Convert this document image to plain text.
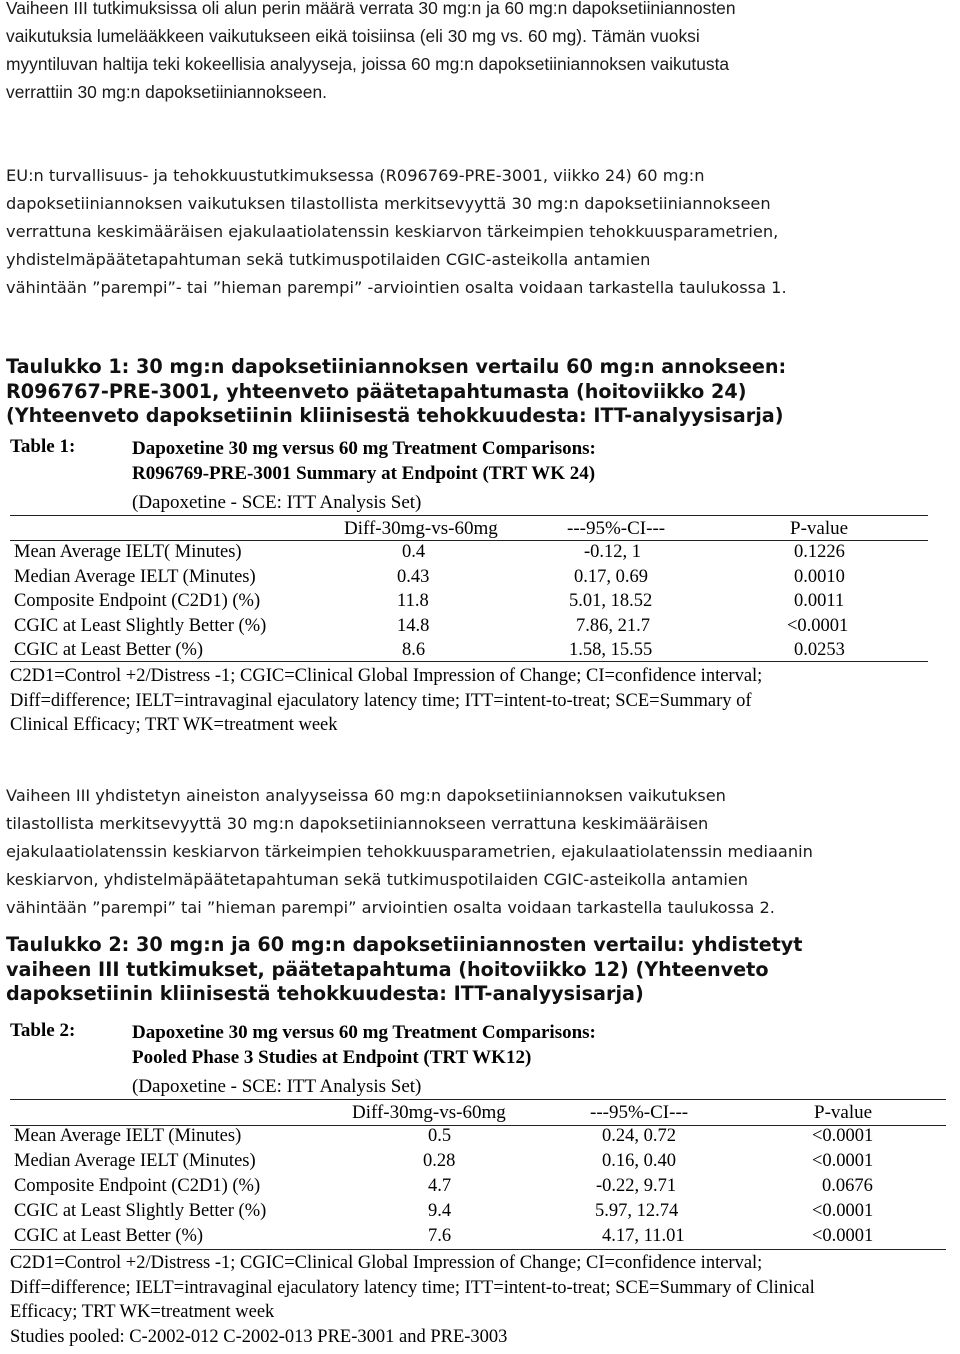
Vaiheen III tutkimuksissa oli alun perin määrä verrata 30 mg:n ja 60 mg:n dapoksetiiniannosten
vaikutuksia lumelääkkeen vaikutukseen eikä toisiinsa (eli 30 mg vs. 60 mg). Tämän vuoksi
myyntiluvan haltija teki kokeellisia analyyseja, joissa 60 mg:n dapoksetiiniannoksen vaikutusta
verrattiin 30 mg:n dapoksetiiniannokseen.
EU:n turvallisuus- ja tehokkuustutkimuksessa (R096769-PRE-3001, viikko 24) 60 mg:n
dapoksetiiniannoksen vaikutuksen tilastollista merkitsevyyttä 30 mg:n dapoksetiiniannokseen
verrattuna keskimääräisen ejakulaatiolatenssin keskiarvon tärkeimpien tehokkuusparametrien,
yhdistelmäpäätetapahtuman sekä tutkimuspotilaiden CGIC-asteikolla antamien
vähintään ”parempi”- tai ”hieman parempi” -arviointien osalta voidaan tarkastella taulukossa 1.
Taulukko 1: 30 mg:n dapoksetiiniannoksen vertailu 60 mg:n annokseen:
R096767-PRE-3001, yhteenveto päätetapahtumasta (hoitoviikko 24)
(Yhteenveto dapoksetiinin kliinisestä tehokkuudesta: ITT-analyysisarja)
Table 1:	Dapoxetine 30 mg versus 60 mg Treatment Comparisons:
R096769-PRE-3001 Summary at Endpoint (TRT WK 24)
(Dapoxetine - SCE: ITT Analysis Set)
Diff-30mg-vs-60mg	---95%-CI---	P-value
Mean Average IELT( Minutes)	0.4	-0.12, 1	0.1226
Median Average IELT (Minutes)	0.43	0.17, 0.69	0.0010
Composite Endpoint (C2D1) (%)	11.8	5.01, 18.52	0.0011
CGIC at Least Slightly Better (%)	14.8	7.86, 21.7	<0.0001
CGIC at Least Better (%)	8.6	1.58, 15.55	0.0253
C2D1=Control +2/Distress -1; CGIC=Clinical Global Impression of Change; CI=confidence interval;
Diff=difference; IELT=intravaginal ejaculatory latency time; ITT=intent-to-treat; SCE=Summary of
Clinical Efficacy; TRT WK=treatment week
Vaiheen III yhdistetyn aineiston analyyseissa 60 mg:n dapoksetiiniannoksen vaikutuksen
tilastollista merkitsevyyttä 30 mg:n dapoksetiiniannokseen verrattuna keskimääräisen
ejakulaatiolatenssin keskiarvon tärkeimpien tehokkuusparametrien, ejakulaatiolatenssin mediaanin
keskiarvon, yhdistelmäpäätetapahtuman sekä tutkimuspotilaiden CGIC-asteikolla antamien
vähintään ”parempi” tai ”hieman parempi” arviointien osalta voidaan tarkastella taulukossa 2.
Taulukko 2: 30 mg:n ja 60 mg:n dapoksetiiniannosten vertailu: yhdistetyt
vaiheen III tutkimukset, päätetapahtuma (hoitoviikko 12) (Yhteenveto
dapoksetiinin kliinisestä tehokkuudesta: ITT-analyysisarja)
Table 2:	Dapoxetine 30 mg versus 60 mg Treatment Comparisons:
Pooled Phase 3 Studies at Endpoint (TRT WK12)
(Dapoxetine - SCE: ITT Analysis Set)
Diff-30mg-vs-60mg	---95%-CI---	P-value
Mean Average IELT (Minutes)	0.5	0.24, 0.72	<0.0001
Median Average IELT (Minutes)	0.28	0.16, 0.40	<0.0001
Composite Endpoint (C2D1) (%)	4.7	-0.22, 9.71	0.0676
CGIC at Least Slightly Better (%)	9.4	5.97, 12.74	<0.0001
CGIC at Least Better (%)	7.6	4.17, 11.01	<0.0001
C2D1=Control +2/Distress -1; CGIC=Clinical Global Impression of Change; CI=confidence interval;
Diff=difference; IELT=intravaginal ejaculatory latency time; ITT=intent-to-treat; SCE=Summary of Clinical
Efficacy; TRT WK=treatment week
Studies pooled: C-2002-012 C-2002-013 PRE-3001 and PRE-3003
